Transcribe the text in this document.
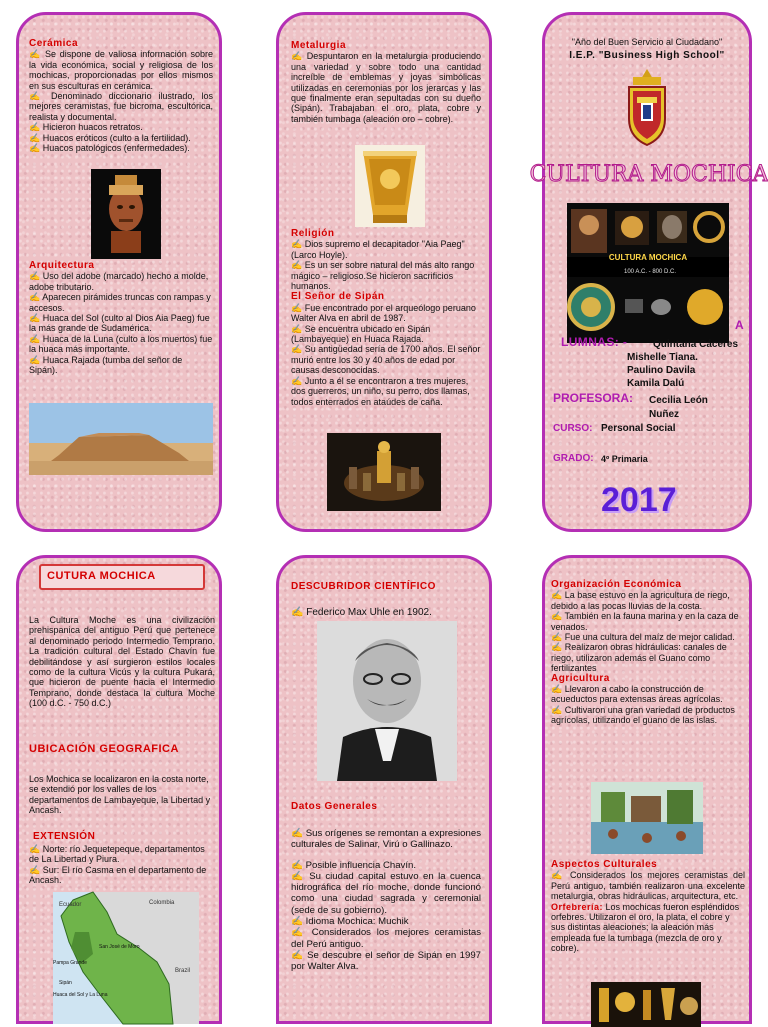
Cerámica
✍ Se dispone de valiosa información sobre la vida económica, social y religiosa de los mochicas, proporcionadas por ellos mismos en sus esculturas en cerámica.
✍ Denominado diccionario ilustrado, los mejores ceramistas, fue bicroma, escultórica, realista y documental.
✍ Hicieron huacos retratos.
✍ Huacos eróticos (culto a la fertilidad).
✍ Huacos patológicos (enfermedades).
Arquitectura
✍ Uso del adobe (marcado) hecho a molde, adobe tributario.
✍ Aparecen pirámides truncas con rampas y accesos.
✍ Huaca del Sol (culto al Dios Aia Paeg) fue la más grande de Sudamérica.
✍ Huaca de la Luna (culto a los muertos) fue la huaca más importante.
✍ Huaca Rajada (tumba del señor de Sipán).
Metalurgia
✍ Despuntaron en la metalurgia produciendo una variedad y sobre todo una cantidad increíble de emblemas y joyas simbólicas utilizadas en ceremonias por los jerarcas y las que finalmente eran sepultadas con su dueño (Sipán). Trabajaban el oro, plata, cobre y también tumbaga (aleación oro – cobre).
Religión
✍ Dios supremo el decapitador "Aia Paeg" (Larco Hoyle).
✍ Es un ser sobre natural del más alto rango mágico – religioso.Se hicieron sacrificios humanos.
El Señor de Sipán
✍ Fue encontrado por el arqueólogo peruano Walter Alva en abril de 1987.
✍ Se encuentra ubicado en Sipán (Lambayeque) en Huaca Rajada.
✍ Su antigüedad sería de 1700 años. El señor murió entre los 30 y 40 años de edad por causas desconocidas.
✍ Junto a él se encontraron a tres mujeres, dos guerreros, un niño, su perro, dos llamas, todos enterrados en ataúdes de caña.
"Año del Buen Servicio al Ciudadano"
I.E.P. "Business High School"
CULTURA MOCHICA
CULTURA MOCHICA
100 A.C. - 800 D.C.
A
LUMNAS: -	Quintana Cáceres
Mishelle Tiana.
Paulino Davila
Kamila Dalú
PROFESORA: Cecilia León
Nuñez
CURSO: Personal Social
GRADO: 4º Primaria
2017
CUTURA MOCHICA
La Cultura Moche es una civilización prehispanica del antiguo Perú que pertenece al denominado periodo Intermedio Temprano. La tradición cultural del Estado Chavín fue debilitándose y así surgieron estilos locales como de la cultura Vicús y la cultura Pukará, que hicieron de puente hacia el Intermedio Temprano, donde destaca la cultura Moche (100 d.C. - 750 d.C.)
UBICACIÓN GEOGRAFICA
Los Mochica se localizaron en la costa norte, se extendió por los valles de los departamentos de Lambayeque, la Libertad y Ancash.
EXTENSIÓN
✍ Norte: río Jequetepeque, departamentos de La Libertad y Piura.
✍ Sur: El río Casma en el departamento de Ancash.
Colombia
Ecuador
Brazil
Pampa Grande
Sipán
Huaca del Sol y La Luna
San José de Moro
DESCUBRIDOR CIENTÍFICO
✍ Federico Max Uhle en 1902.
Datos Generales
✍ Sus orígenes se remontan a expresiones culturales de Salinar, Virú o Gallinazo.
✍ Posible influencia Chavín.
✍ Su ciudad capital estuvo en la cuenca hidrográfica del río moche, donde funcionó como una ciudad sagrada y ceremonial (sede de su gobierno).
✍ Idioma Mochica: Muchik
✍ Considerados los mejores ceramistas del Perú antiguo.
✍ Se descubre el señor de Sipán en 1997 por Walter Alva.
Organización Económica
✍ La base estuvo en la agricultura de riego, debido a las pocas lluvias de la costa.
✍ También en la fauna marina y en la caza de venados.
✍ Fue una cultura del maíz de mejor calidad.
✍ Realizaron obras hidráulicas: canales de riego, utilizaron además el Guano como fertilizantes
Agricultura
✍ Llevaron a cabo la construcción de acueductos para extensas áreas agrícolas.
✍ Cultivaron una gran variedad de productos agrícolas, utilizando el guano de las islas.
Aspectos Culturales
✍ Considerados los mejores ceramistas del Perú antiguo, también realizaron una excelente metalurgia, obras hidráulicas, arquitectura, etc.
Orfebrería: Los mochicas fueron espléndidos orfebres. Utilizaron el oro, la plata, el cobre y sus distintas aleaciones; la aleación más empleada fue la tumbaga (mezcla de oro y cobre).
